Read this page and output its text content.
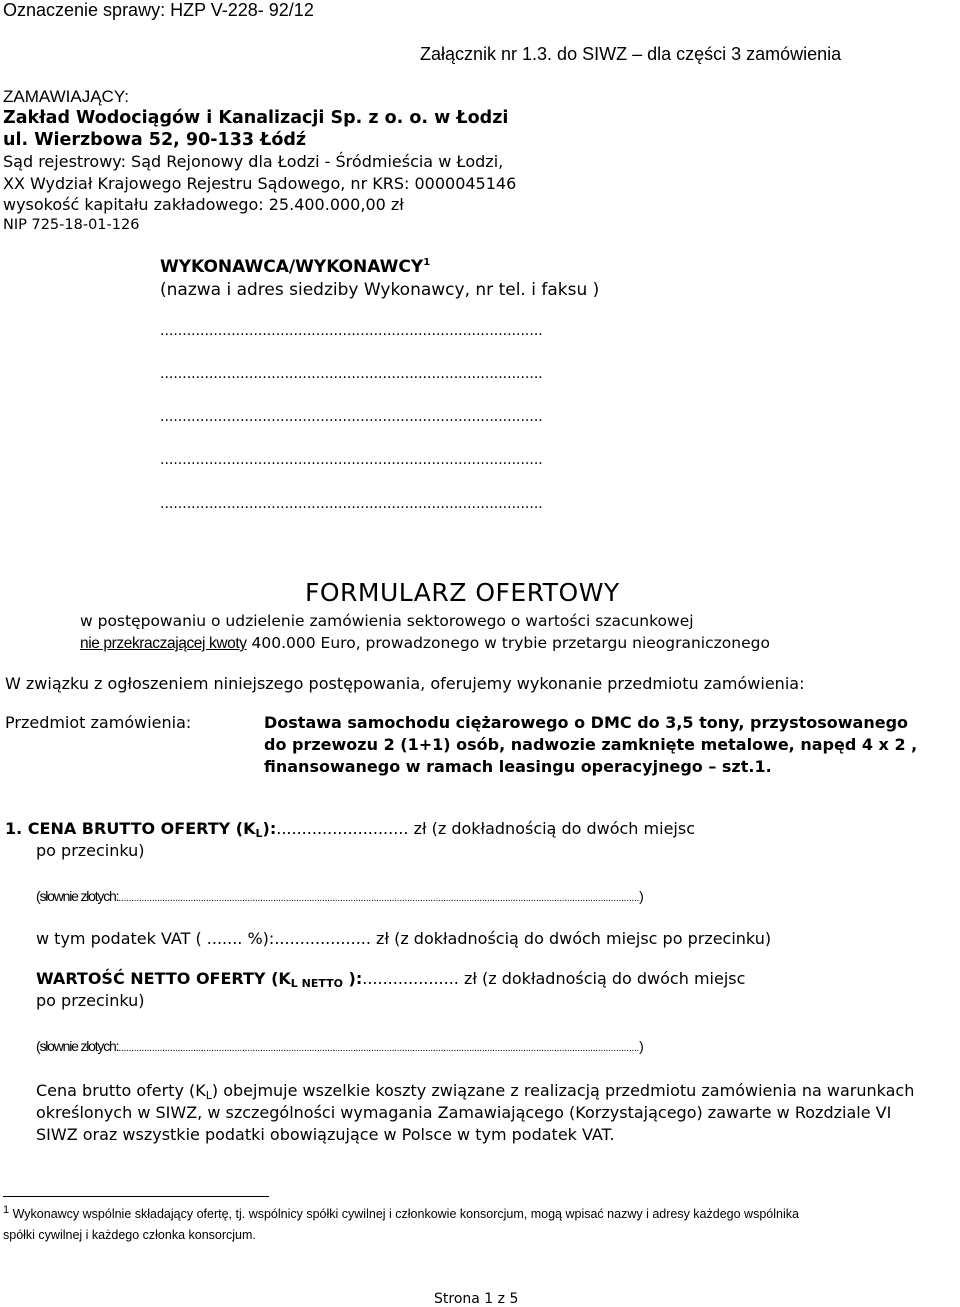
Oznaczenie sprawy: HZP V-228- 92/12
Załącznik nr 1.3. do SIWZ – dla części 3 zamówienia
ZAMAWIAJĄCY:
Zakład Wodociągów i Kanalizacji Sp. z o. o. w Łodzi
ul. Wierzbowa 52, 90-133 Łódź
Sąd rejestrowy: Sąd Rejonowy dla Łodzi - Śródmieścia w Łodzi,
XX Wydział Krajowego Rejestru Sądowego, nr KRS: 0000045146
wysokość kapitału zakładowego: 25.400.000,00 zł
NIP 725-18-01-126
WYKONAWCA/WYKONAWCY$^1$
(nazwa i adres siedziby Wykonawcy, nr tel. i faksu )
......................................................................................
......................................................................................
......................................................................................
......................................................................................
......................................................................................
FORMULARZ OFERTOWY
w postępowaniu o udzielenie zamówienia sektorowego o wartości szacunkowej
nie przekraczającej kwoty 400.000 Euro, prowadzonego w trybie przetargu nieograniczonego
W związku z ogłoszeniem niniejszego postępowania, oferujemy wykonanie przedmiotu zamówienia:
Przedmiot zamówienia:	Dostawa samochodu ciężarowego o DMC do 3,5 tony, przystosowanego
do przewozu 2 (1+1) osób, nadwozie zamknięte metalowe, napęd 4 x 2 ,
finansowanego w ramach leasingu operacyjnego – szt.1.
1. CENA BRUTTO OFERTY $(K_L)$:.......................... zł (z dokładnością do dwóch miejsc
po przecinku)
(słownie złotych:..........................................................................................................................................................................................................)
w tym podatek VAT ( ....... %):................... zł (z dokładnością do dwóch miejsc po przecinku)
WARTOŚĆ NETTO OFERTY ($K_{L NETTO}$ ):................... zł (z dokładnością do dwóch miejsc
po przecinku)
(słownie złotych:..........................................................................................................................................................................................................)
Cena brutto oferty $(K_L)$ obejmuje wszelkie koszty związane z realizacją przedmiotu zamówienia na warunkach
określonych w SIWZ, w szczególności wymagania Zamawiającego (Korzystającego) zawarte w Rozdziale VI
SIWZ oraz wszystkie podatki obowiązujące w Polsce w tym podatek VAT.
$^1$ Wykonawcy wspólnie składający ofertę, tj. wspólnicy spółki cywilnej i członkowie konsorcjum, mogą wpisać nazwy i adresy każdego wspólnika
spółki cywilnej i każdego członka konsorcjum.
Strona 1 z 5
